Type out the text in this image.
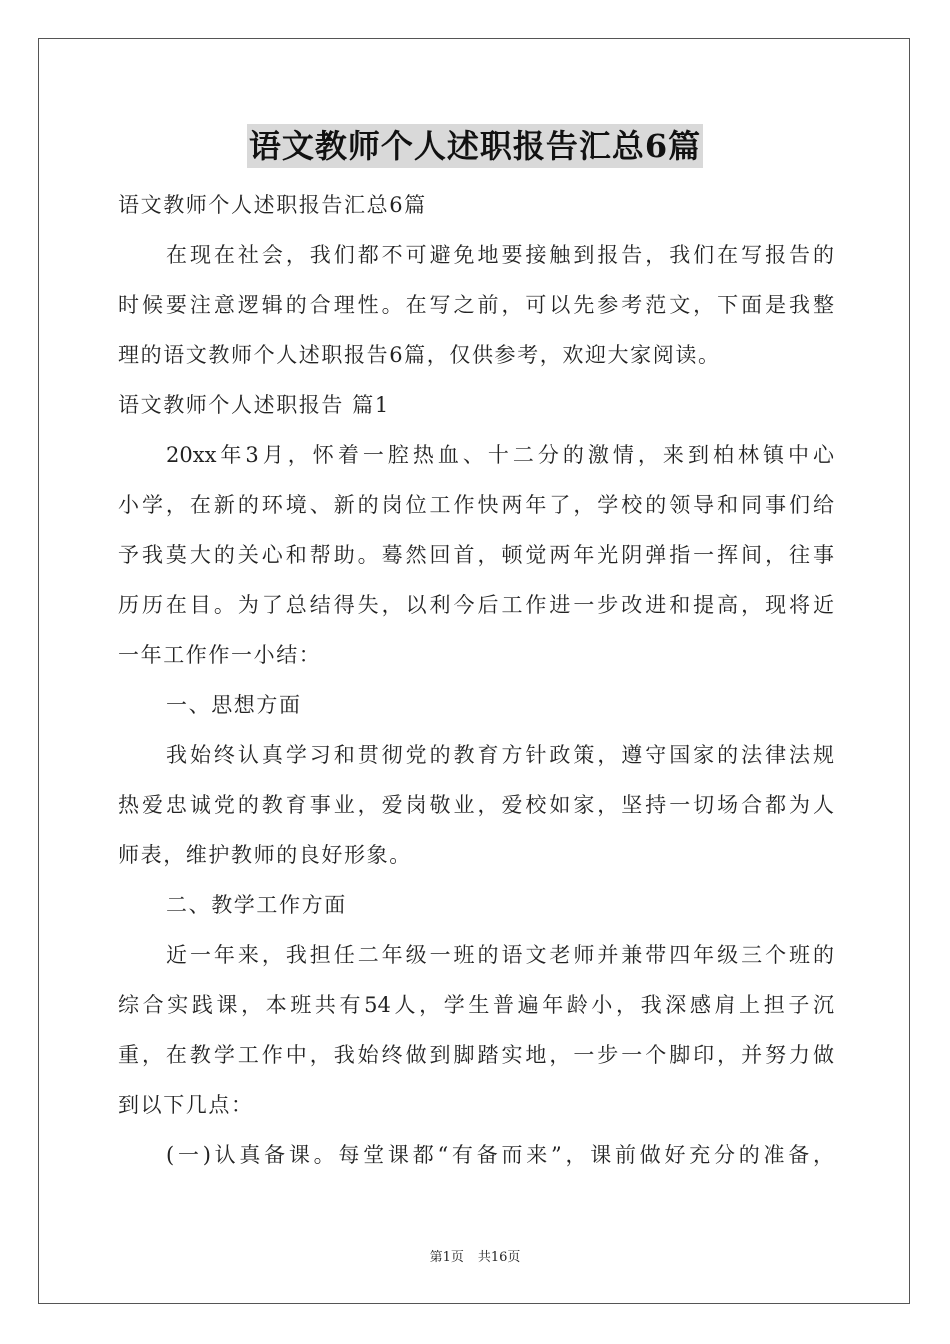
语文教师个人述职报告汇总6篇
语文教师个人述职报告汇总6篇
在现在社会，我们都不可避免地要接触到报告，我们在写报告的
时候要注意逻辑的合理性。在写之前，可以先参考范文，下面是我整
理的语文教师个人述职报告6篇，仅供参考，欢迎大家阅读。
语文教师个人述职报告 篇1
20xx年3月，怀着一腔热血、十二分的激情，来到柏林镇中心
小学，在新的环境、新的岗位工作快两年了，学校的领导和同事们给
予我莫大的关心和帮助。蓦然回首，顿觉两年光阴弹指一挥间，往事
历历在目。为了总结得失，以利今后工作进一步改进和提高，现将近
一年工作作一小结：
一、思想方面
我始终认真学习和贯彻党的教育方针政策，遵守国家的法律法规
热爱忠诚党的教育事业，爱岗敬业，爱校如家，坚持一切场合都为人
师表，维护教师的良好形象。
二、教学工作方面
近一年来，我担任二年级一班的语文老师并兼带四年级三个班的
综合实践课，本班共有54人，学生普遍年龄小，我深感肩上担子沉
重，在教学工作中，我始终做到脚踏实地，一步一个脚印，并努力做
到以下几点：
(一)认真备课。每堂课都“有备而来”，课前做好充分的准备，
第1页 共16页
